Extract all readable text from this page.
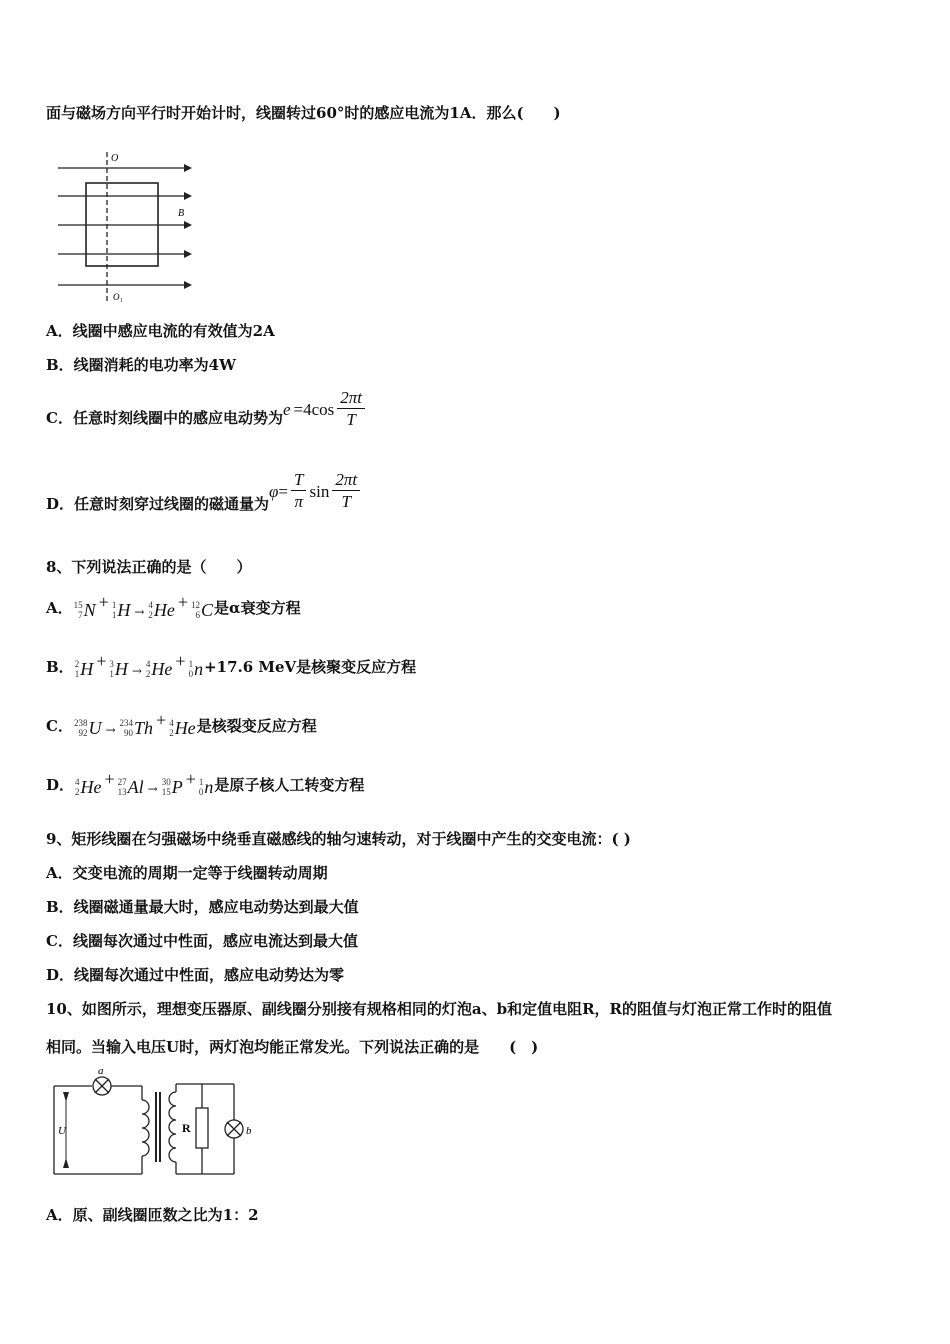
面与磁场方向平行时开始计时，线圈转过60°时的感应电流为1A．那么(　　)
O
O₁
B
A．线圈中感应电流的有效值为2A
B．线圈消耗的电功率为4W
C．任意时刻线圈中的感应电动势为 $e =4\cos \frac{2\pi t}{T}$
D．任意时刻穿过线圈的磁通量为
$\varphi = \frac{T}{\pi}$ $\sin \frac{2\pi t}{T}$
8、下列说法正确的是（　　）
A． 15
7 N + 1
1 H $_\to$ 4
2 He + 12
6 C 是α衰变方程
B． 2
1 H + 3
1 H $_\to$ 4
2 He + 1
0 n +17.6 MeV是核聚变反应方程
C． 238
92 U $_\to$ 234
90 Th + 4
2 He 是核裂变反应方程
D． 4
2 He + 27
13 Al $_\to$ 30
15 P + 1
0 n 是原子核人工转变方程
9、矩形线圈在匀强磁场中绕垂直磁感线的轴匀速转动，对于线圈中产生的交变电流：( )
A．交变电流的周期一定等于线圈转动周期
B．线圈磁通量最大时，感应电动势达到最大值
C．线圈每次通过中性面，感应电流达到最大值
D．线圈每次通过中性面，感应电动势达为零
10、如图所示，理想变压器原、副线圈分别接有规格相同的灯泡a、b和定值电阻R，R的阻值与灯泡正常工作时的阻值
相同。当输入电压U时，两灯泡均能正常发光。下列说法正确的是　　(　)
a
b
U	R
A．原、副线圈匝数之比为1：2
